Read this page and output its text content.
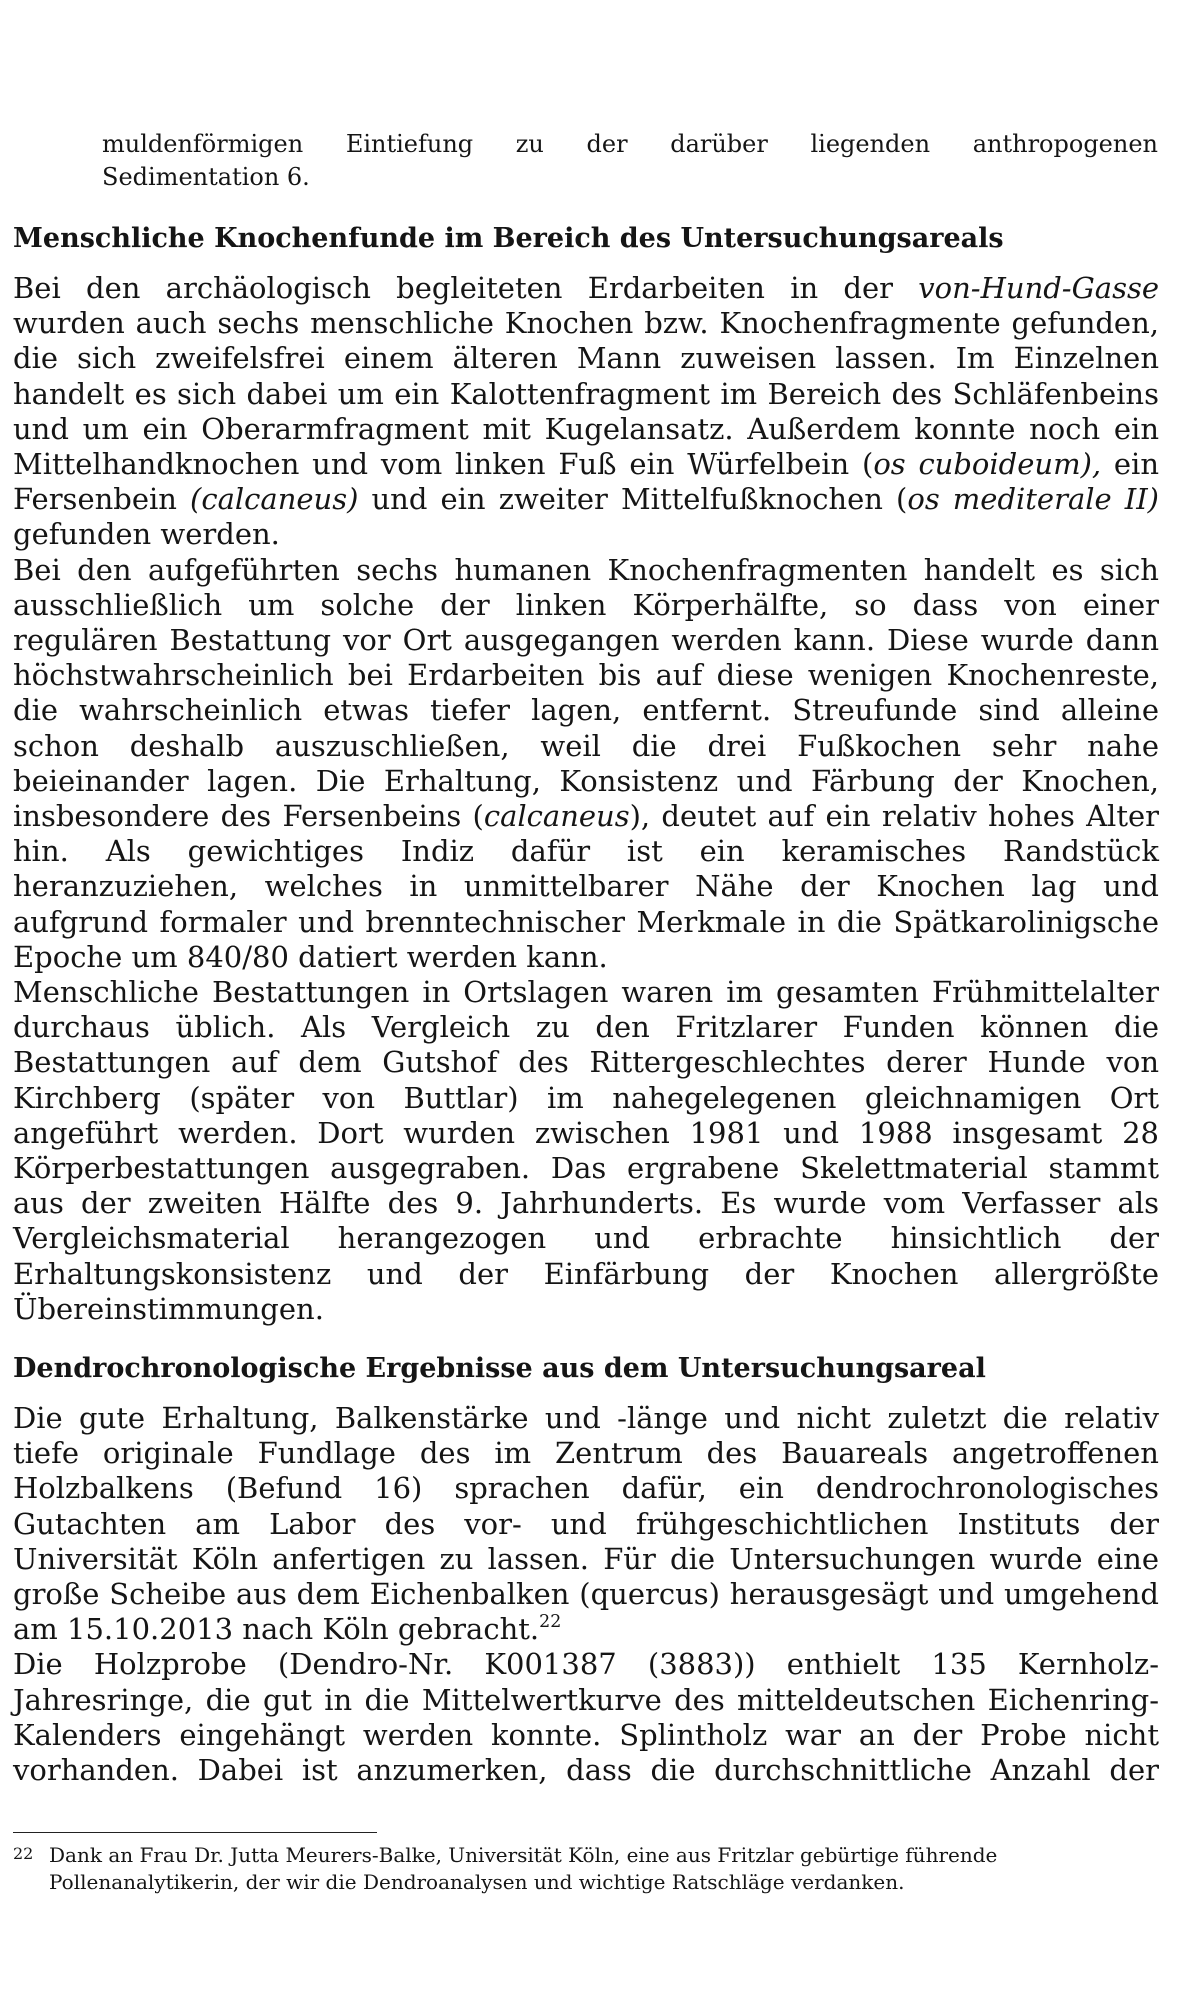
muldenförmigen Eintiefung zu der darüber liegenden anthropogenen
Sedimentation 6.
Menschliche Knochenfunde im Bereich des Untersuchungsareals

Bei den archäologisch begleiteten Erdarbeiten in der von-Hund-Gasse wurden auch sechs menschliche Knochen bzw. Knochenfragmente gefunden, die sich zweifelsfrei einem älteren Mann zuweisen lassen. Im Einzelnen handelt es sich dabei um ein Kalottenfragment im Bereich des Schläfenbeins und um ein Oberarmfragment mit Kugelansatz. Außerdem konnte noch ein Mittelhandknochen und vom linken Fuß ein Würfelbein (os cuboideum), ein Fersenbein (calcaneus) und ein zweiter Mittelfußknochen (os mediterale II) gefunden werden.

Bei den aufgeführten sechs humanen Knochenfragmenten handelt es sich ausschließlich um solche der linken Körperhälfte, so dass von einer regulären Bestattung vor Ort ausgegangen werden kann. Diese wurde dann höchstwahrscheinlich bei Erdarbeiten bis auf diese wenigen Knochenreste, die wahrscheinlich etwas tiefer lagen, entfernt. Streufunde sind alleine schon deshalb auszuschließen, weil die drei Fußkochen sehr nahe beieinander lagen. Die Erhaltung, Konsistenz und Färbung der Knochen, insbesondere des Fersenbeins (calcaneus), deutet auf ein relativ hohes Alter hin. Als gewichtiges Indiz dafür ist ein keramisches Randstück heranzuziehen, welches in unmittelbarer Nähe der Knochen lag und aufgrund formaler und brenntechnischer Merkmale in die Spätkarolinigsche Epoche um 840/80 datiert werden kann.

Menschliche Bestattungen in Ortslagen waren im gesamten Frühmittelalter durchaus üblich. Als Vergleich zu den Fritzlarer Funden können die Bestattungen auf dem Gutshof des Rittergeschlechtes derer Hunde von Kirchberg (später von Buttlar) im nahegelegenen gleichnamigen Ort angeführt werden. Dort wurden zwischen 1981 und 1988 insgesamt 28 Körperbestattungen ausgegraben. Das ergrabene Skelettmaterial stammt aus der zweiten Hälfte des 9. Jahrhunderts. Es wurde vom Verfasser als Vergleichsmaterial herangezogen und erbrachte hinsichtlich der Erhaltungskonsistenz und der Einfärbung der Knochen allergrößte Übereinstimmungen.

Dendrochronologische Ergebnisse aus dem Untersuchungsareal

Die gute Erhaltung, Balkenstärke und -länge und nicht zuletzt die relativ tiefe originale Fundlage des im Zentrum des Bauareals angetroffenen Holzbalkens (Befund 16) sprachen dafür, ein dendrochronologisches Gutachten am Labor des vor- und frühgeschichtlichen Instituts der Universität Köln anfertigen zu lassen. Für die Untersuchungen wurde eine große Scheibe aus dem Eichenbalken (quercus) herausgesägt und umgehend am 15.10.2013 nach Köln gebracht.$^{22}$

Die Holzprobe (Dendro-Nr. K001387 (3883)) enthielt 135 Kernholz-Jahresringe, die gut in die Mittelwertkurve des mitteldeutschen Eichenring-Kalenders eingehängt werden konnte. Splintholz war an der Probe nicht vorhanden. Dabei ist anzumerken, dass die durchschnittliche Anzahl der

22 Dank an Frau Dr. Jutta Meurers-Balke, Universität Köln, eine aus Fritzlar gebürtige führende
Pollenanalytikerin, der wir die Dendroanalysen und wichtige Ratschläge verdanken.
